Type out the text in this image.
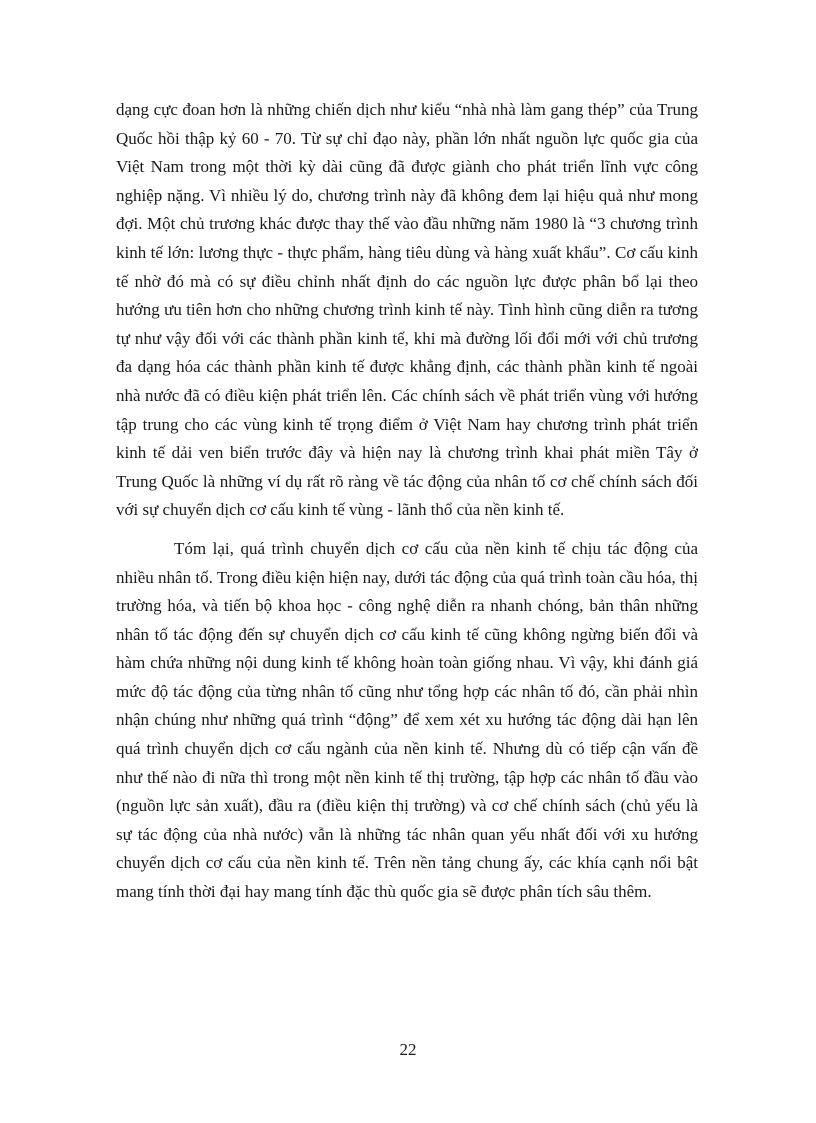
dạng cực đoan hơn là những chiến dịch như kiểu “nhà nhà làm gang thép” của Trung Quốc hồi thập kỷ 60 - 70. Từ sự chỉ đạo này, phần lớn nhất nguồn lực quốc gia của Việt Nam trong một thời kỳ dài cũng đã được giành cho phát triển lĩnh vực công nghiệp nặng. Vì nhiều lý do, chương trình này đã không đem lại hiệu quả như mong đợi. Một chủ trương khác được thay thế vào đầu những năm 1980 là “3 chương trình kinh tế lớn: lương thực - thực phẩm, hàng tiêu dùng và hàng xuất khẩu”. Cơ cấu kinh tế nhờ đó mà có sự điều chỉnh nhất định do các nguồn lực được phân bổ lại theo hướng ưu tiên hơn cho những chương trình kinh tế này. Tình hình cũng diễn ra tương tự như vậy đối với các thành phần kinh tế, khi mà đường lối đổi mới với chủ trương đa dạng hóa các thành phần kinh tế được khẳng định, các thành phần kinh tế ngoài nhà nước đã có điều kiện phát triển lên. Các chính sách về phát triển vùng với hướng tập trung cho các vùng kinh tế trọng điểm ở Việt Nam hay chương trình phát triển kinh tế dải ven biển trước đây và hiện nay là chương trình khai phát miền Tây ở Trung Quốc là những ví dụ rất rõ ràng về tác động của nhân tố cơ chế chính sách đối với sự chuyển dịch cơ cấu kinh tế vùng - lãnh thổ của nền kinh tế.

Tóm lại, quá trình chuyển dịch cơ cấu của nền kinh tế chịu tác động của nhiều nhân tố. Trong điều kiện hiện nay, dưới tác động của quá trình toàn cầu hóa, thị trường hóa, và tiến bộ khoa học - công nghệ diễn ra nhanh chóng, bản thân những nhân tố tác động đến sự chuyển dịch cơ cấu kinh tế cũng không ngừng biến đổi và hàm chứa những nội dung kinh tế không hoàn toàn giống nhau. Vì vậy, khi đánh giá mức độ tác động của từng nhân tố cũng như tổng hợp các nhân tố đó, cần phải nhìn nhận chúng như những quá trình “động” để xem xét xu hướng tác động dài hạn lên quá trình chuyển dịch cơ cấu ngành của nền kinh tế. Nhưng dù có tiếp cận vấn đề như thế nào đi nữa thì trong một nền kinh tế thị trường, tập hợp các nhân tố đầu vào (nguồn lực sản xuất), đầu ra (điều kiện thị trường) và cơ chế chính sách (chủ yếu là sự tác động của nhà nước) vẫn là những tác nhân quan yếu nhất đối với xu hướng chuyển dịch cơ cấu của nền kinh tế. Trên nền tảng chung ấy, các khía cạnh nổi bật mang tính thời đại hay mang tính đặc thù quốc gia sẽ được phân tích sâu thêm.

22
